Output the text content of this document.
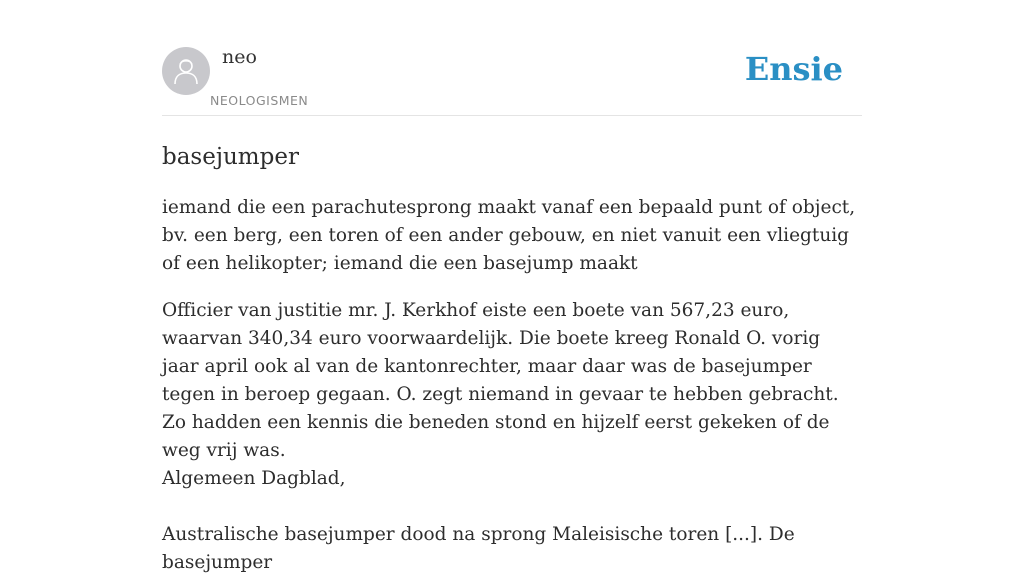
neo
NEOLOGISMEN
Ensie
basejumper

iemand die een parachutesprong maakt vanaf een bepaald punt of object, bv. een berg, een toren of een ander gebouw, en niet vanuit een vliegtuig of een helikopter; iemand die een basejump maakt

Officier van justitie mr. J. Kerkhof eiste een boete van 567,23 euro, waarvan 340,34 euro voorwaardelijk. Die boete kreeg Ronald O. vorig jaar april ook al van de kantonrechter, maar daar was de basejumper tegen in beroep gegaan. O. zegt niemand in gevaar te hebben gebracht. Zo hadden een kennis die beneden stond en hijzelf eerst gekeken of de weg vrij was.

Algemeen Dagblad,

Australische basejumper dood na sprong Maleisische toren [...]. De basejumper
